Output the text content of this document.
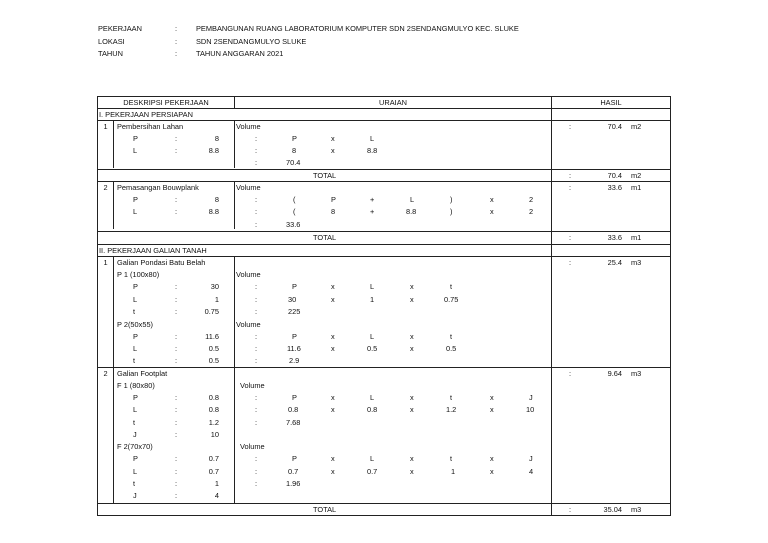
PEKERJAAN	:	PEMBANGUNAN RUANG LABORATORIUM KOMPUTER SDN 2SENDANGMULYO KEC. SLUKE
LOKASI	:	SDN 2SENDANGMULYO SLUKE
TAHUN	:	TAHUN ANGGARAN 2021
DESKRIPSI PEKERJAAN	URAIAN	HASIL
I. PEKERJAAN PERSIAPAN
1	Pembersihan Lahan	Volume	:	70.4 m2
P	:	8
L	:	8.8
:	P	x	L
:	8	x	8.8
:	70.4
TOTAL	:	70.4 m2
2	Pemasangan Bouwplank	Volume	:	33.6 m1
P	:	8
L	:	8.8
:	(	P	+	L	)	x	2
:	(	8	+	8.8	)	x	2
:	33.6
TOTAL	:	33.6 m1
II. PEKERJAAN GALIAN TANAH
1	Galian Pondasi Batu Belah	:	25.4 m3
P 1 (100x80)	Volume
P	:	30
L	:	1
t	:	0.75
:	P	x	L	x	t
:	30	x	1	x	0.75
:	225
P 2(50x55)	Volume
P	:	11.6
L	:	0.5
t	:	0.5
:	P	x	L	x	t
:	11.6	x	0.5	x	0.5
:	2.9
2	Galian Footplat	:	9.64 m3
F 1 (80x80)	Volume
P	:	0.8
L	:	0.8
t	:	1.2
J	:	10
:	P	x	L	x	t	x	J
:	0.8	x	0.8	x	1.2	x	10
:	7.68
F 2(70x70)	Volume
P	:	0.7
L	:	0.7
t	:	1
J	:	4
:	P	x	L	x	t	x	J
:	0.7	x	0.7	x	1	x	4
:	1.96
TOTAL	:	35.04 m3
